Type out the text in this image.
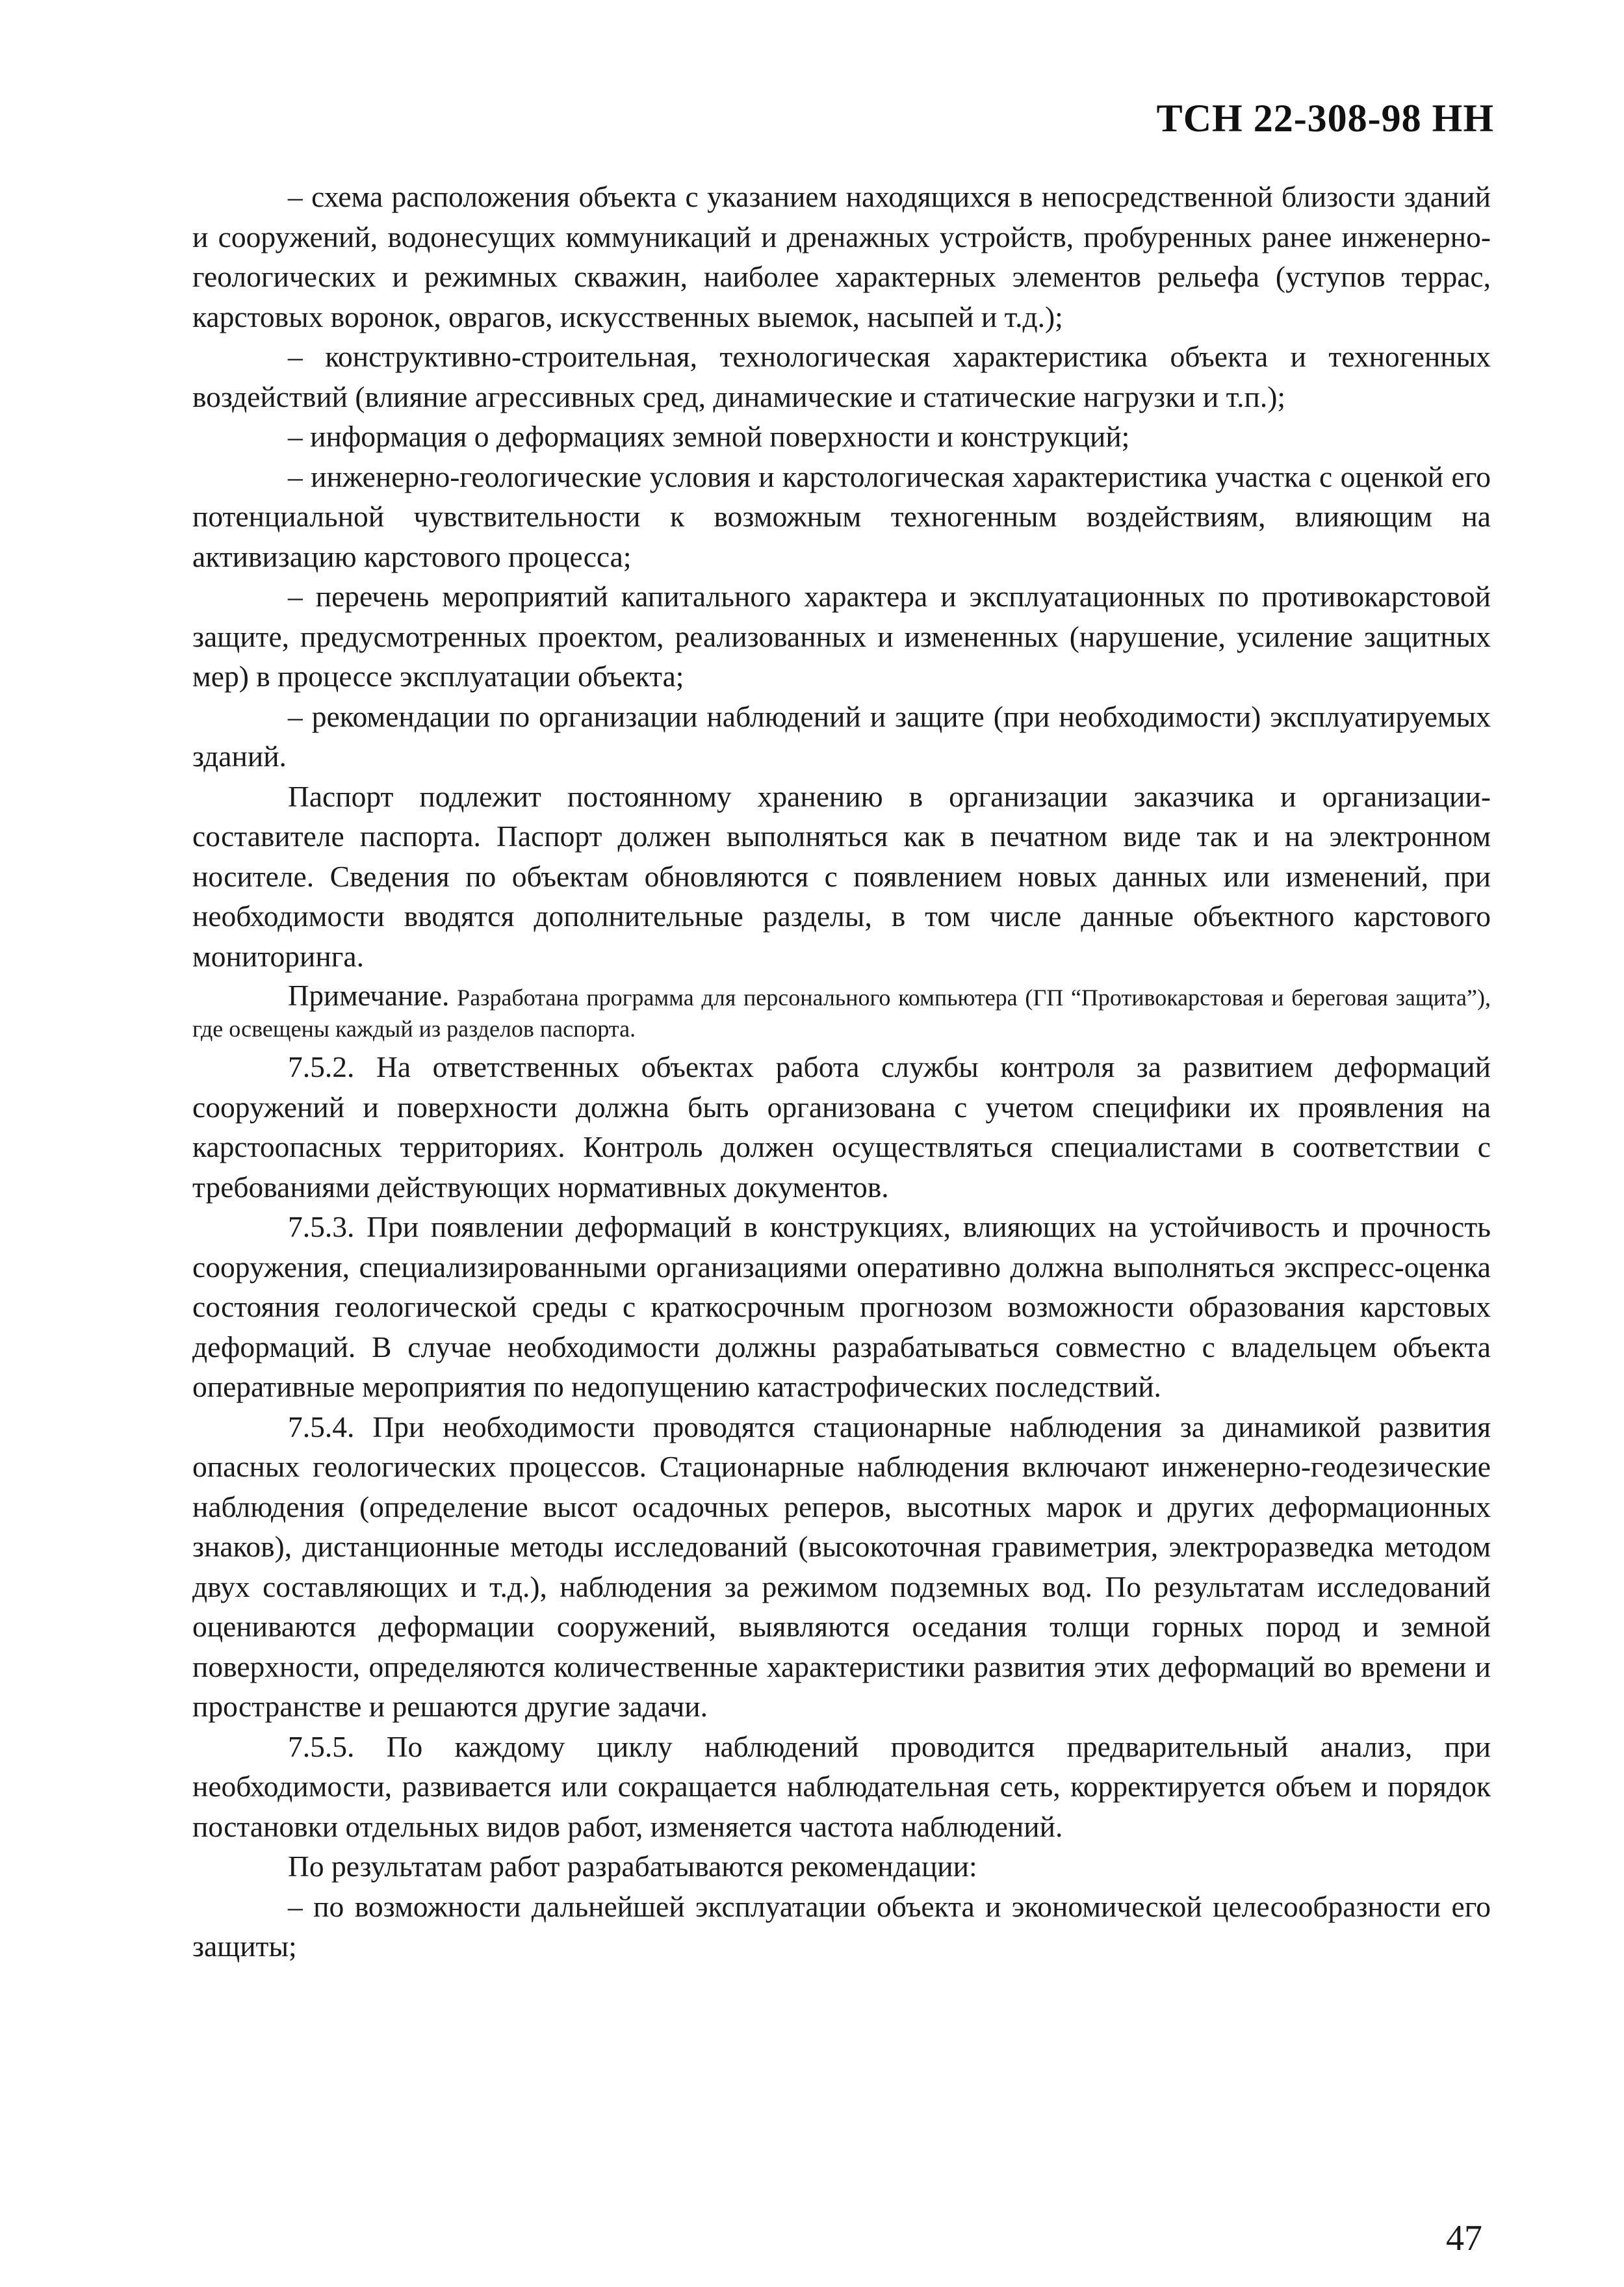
ТСН 22-308-98 НН

– схема расположения объекта с указанием находящихся в непосредственной близости зданий и сооружений, водонесущих коммуникаций и дренажных устройств, пробуренных ранее инженерно-геологических и режимных скважин, наиболее характерных элементов рельефа (уступов террас, карстовых воронок, оврагов, искусственных выемок, насыпей и т.д.);

– конструктивно-строительная, технологическая характеристика объекта и техногенных воздействий (влияние агрессивных сред, динамические и статические нагрузки и т.п.);

– информация о деформациях земной поверхности и конструкций;

– инженерно-геологические условия и карстологическая характеристика участка с оценкой его потенциальной чувствительности к возможным техногенным воздействиям, влияющим на активизацию карстового процесса;

– перечень мероприятий капитального характера и эксплуатационных по противокарстовой защите, предусмотренных проектом, реализованных и измененных (нарушение, усиление защитных мер) в процессе эксплуатации объекта;

– рекомендации по организации наблюдений и защите (при необходимости) эксплуатируемых зданий.

Паспорт подлежит постоянному хранению в организации заказчика и организации-составителе паспорта. Паспорт должен выполняться как в печатном виде так и на электронном носителе. Сведения по объектам обновляются с появлением новых данных или изменений, при необходимости вводятся дополнительные разделы, в том числе данные объектного карстового мониторинга.

Примечание. Разработана программа для персонального компьютера (ГП “Противокарстовая и береговая защита”), где освещены каждый из разделов паспорта.

7.5.2. На ответственных объектах работа службы контроля за развитием деформаций сооружений и поверхности должна быть организована с учетом специфики их проявления на карстоопасных территориях. Контроль должен осуществляться специалистами в соответствии с требованиями действующих нормативных документов.

7.5.3. При появлении деформаций в конструкциях, влияющих на устойчивость и прочность сооружения, специализированными организациями оперативно должна выполняться экспресс-оценка состояния геологической среды с краткосрочным прогнозом возможности образования карстовых деформаций. В случае необходимости должны разрабатываться совместно с владельцем объекта оперативные мероприятия по недопущению катастрофических последствий.

7.5.4. При необходимости проводятся стационарные наблюдения за динамикой развития опасных геологических процессов. Стационарные наблюдения включают инженерно-геодезические наблюдения (определение высот осадочных реперов, высотных марок и других деформационных знаков), дистанционные методы исследований (высокоточная гравиметрия, электроразведка методом двух составляющих и т.д.), наблюдения за режимом подземных вод. По результатам исследований оцениваются деформации сооружений, выявляются оседания толщи горных пород и земной поверхности, определяются количественные характеристики развития этих деформаций во времени и пространстве и решаются другие задачи.

7.5.5. По каждому циклу наблюдений проводится предварительный анализ, при необходимости, развивается или сокращается наблюдательная сеть, корректируется объем и порядок постановки отдельных видов работ, изменяется частота наблюдений.

По результатам работ разрабатываются рекомендации:

– по возможности дальнейшей эксплуатации объекта и экономической целесообразности его защиты;

47
